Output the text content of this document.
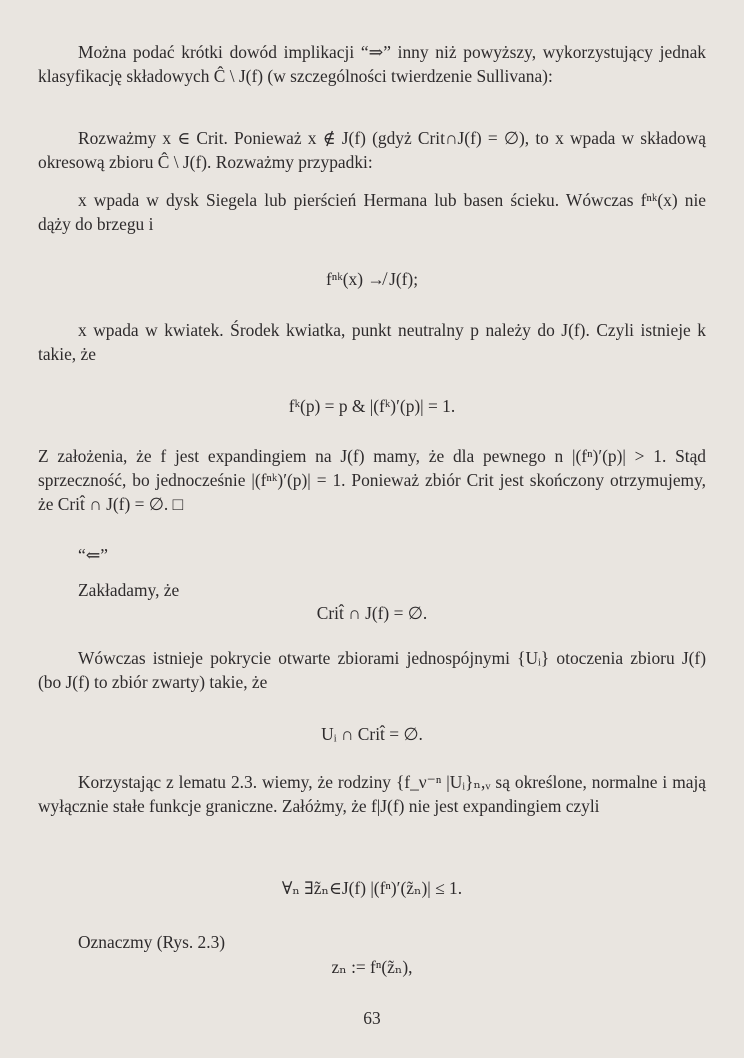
Można podać krótki dowód implikacji “⇒” inny niż powyższy, wykorzystujący jednak klasyfikację składowych Ĉ \ J(f) (w szczególności twierdzenie Sullivana):

Rozważmy x ∈ Crit. Ponieważ x ∉ J(f) (gdyż Crit∩J(f) = ∅), to x wpada w składową okresową zbioru Ĉ \ J(f). Rozważmy przypadki:

x wpada w dysk Siegela lub pierścień Hermana lub basen ścieku. Wówczas fⁿᵏ(x) nie dąży do brzegu i

fⁿᵏ(x) ↛ J(f);

x wpada w kwiatek. Środek kwiatka, punkt neutralny p należy do J(f). Czyli istnieje k takie, że

fᵏ(p) = p & |(fᵏ)′(p)| = 1.

Z założenia, że f jest expandingiem na J(f) mamy, że dla pewnego n |(fⁿ)′(p)| > 1. Stąd sprzeczność, bo jednocześnie |(fⁿᵏ)′(p)| = 1. Ponieważ zbiór Crit jest skończony otrzymujemy, że Crit̂ ∩ J(f) = ∅. □

“⇐”
Zakładamy, że

Crit̂ ∩ J(f) = ∅.

Wówczas istnieje pokrycie otwarte zbiorami jednospójnymi {Uᵢ} otoczenia zbioru J(f) (bo J(f) to zbiór zwarty) takie, że

Uᵢ ∩ Crit̂ = ∅.

Korzystając z lematu 2.3. wiemy, że rodziny {f_ν⁻ⁿ |Uᵢ}ₙ,ᵥ są określone, normalne i mają wyłącznie stałe funkcje graniczne. Załóżmy, że f|J(f) nie jest expandingiem czyli

∀ₙ ∃z̃ₙ∈J(f) |(fⁿ)′(z̃ₙ)| ≤ 1.

Oznaczmy (Rys. 2.3)

zₙ := fⁿ(z̃ₙ),

63
